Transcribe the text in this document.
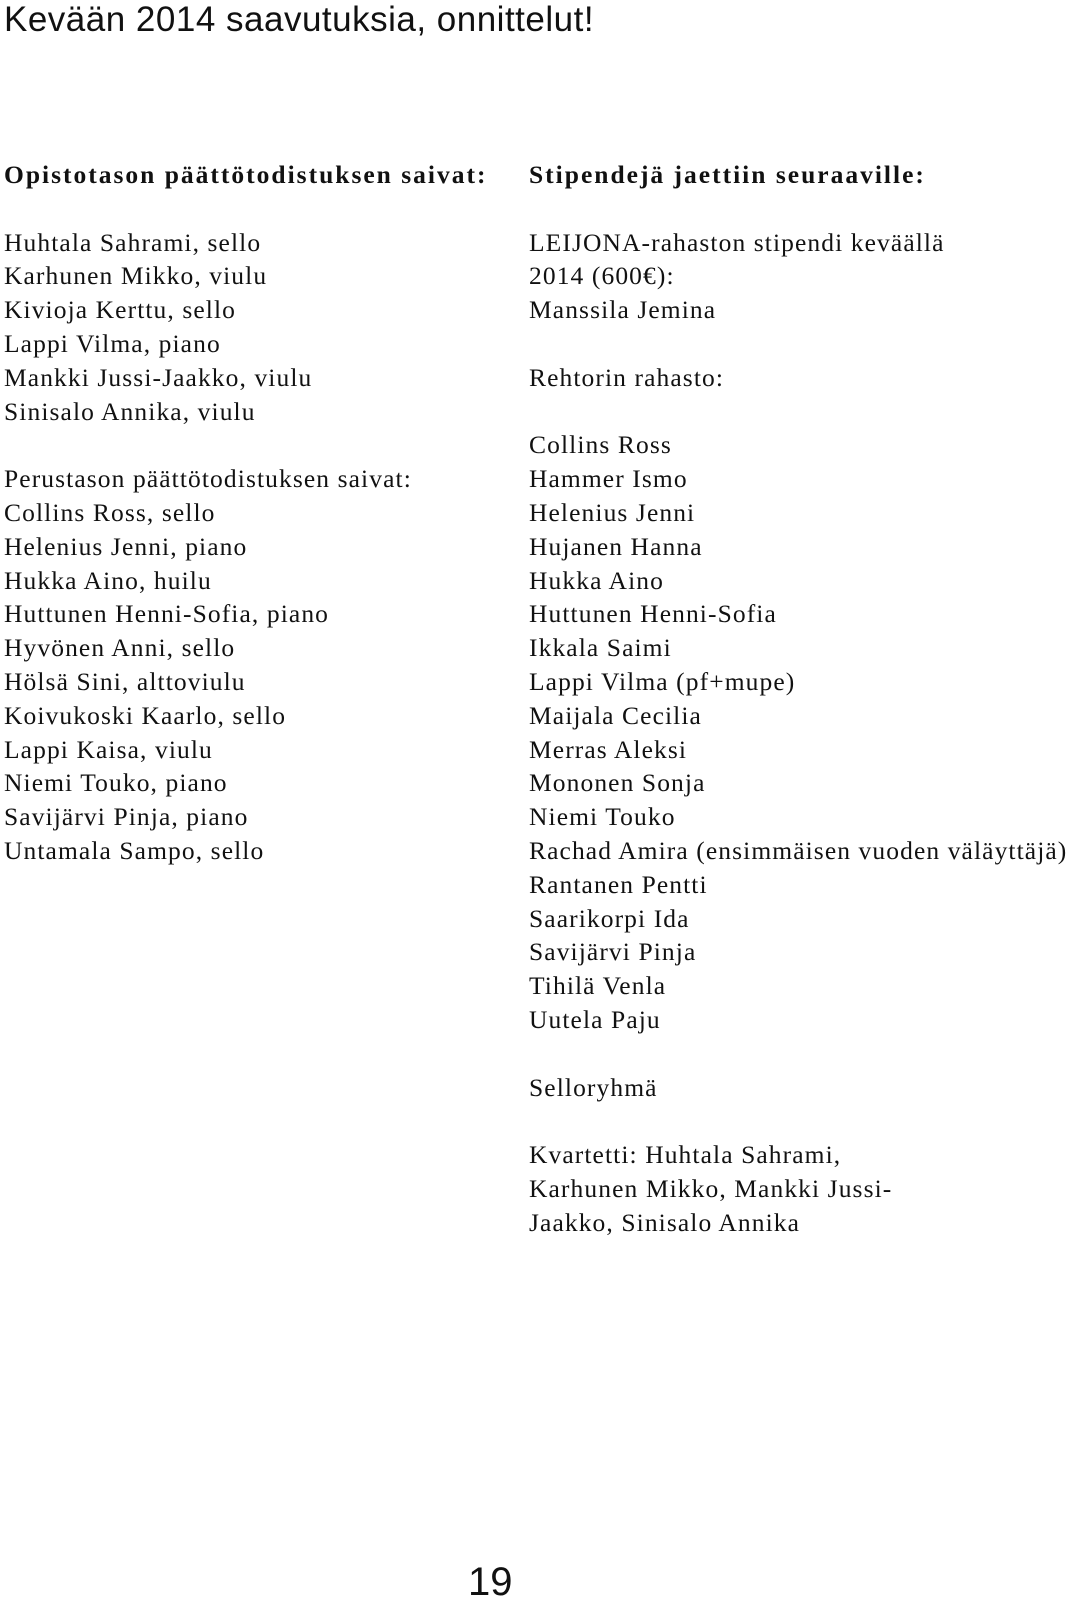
Kevään 2014 saavutuksia, onnittelut!

Opistotason päättötodistuksen saivat:

Huhtala Sahrami, sello
Karhunen Mikko, viulu
Kivioja Kerttu, sello
Lappi Vilma, piano
Mankki Jussi-Jaakko, viulu
Sinisalo Annika, viulu

Perustason päättötodistuksen saivat:

Collins Ross, sello
Helenius Jenni, piano
Hukka Aino, huilu
Huttunen Henni-Sofia, piano
Hyvönen Anni, sello
Hölsä Sini, alttoviulu
Koivukoski Kaarlo, sello
Lappi Kaisa, viulu
Niemi Touko, piano
Savijärvi Pinja, piano
Untamala Sampo, sello

Stipendejä jaettiin seuraaville:

LEIJONA-rahaston stipendi keväällä 2014 (600€):

Manssila Jemina

Rehtorin rahasto:

Collins Ross
Hammer Ismo
Helenius Jenni
Hujanen Hanna
Hukka Aino
Huttunen Henni-Sofia
Ikkala Saimi
Lappi Vilma (pf+mupe)
Maijala Cecilia
Merras Aleksi
Mononen Sonja
Niemi Touko
Rachad Amira (ensimmäisen vuoden väläyttäjä)
Rantanen Pentti
Saarikorpi Ida
Savijärvi Pinja
Tihilä Venla
Uutela Paju

Selloryhmä

Kvartetti: Huhtala Sahrami, Karhunen Mikko, Mankki Jussi-Jaakko, Sinisalo Annika

19
